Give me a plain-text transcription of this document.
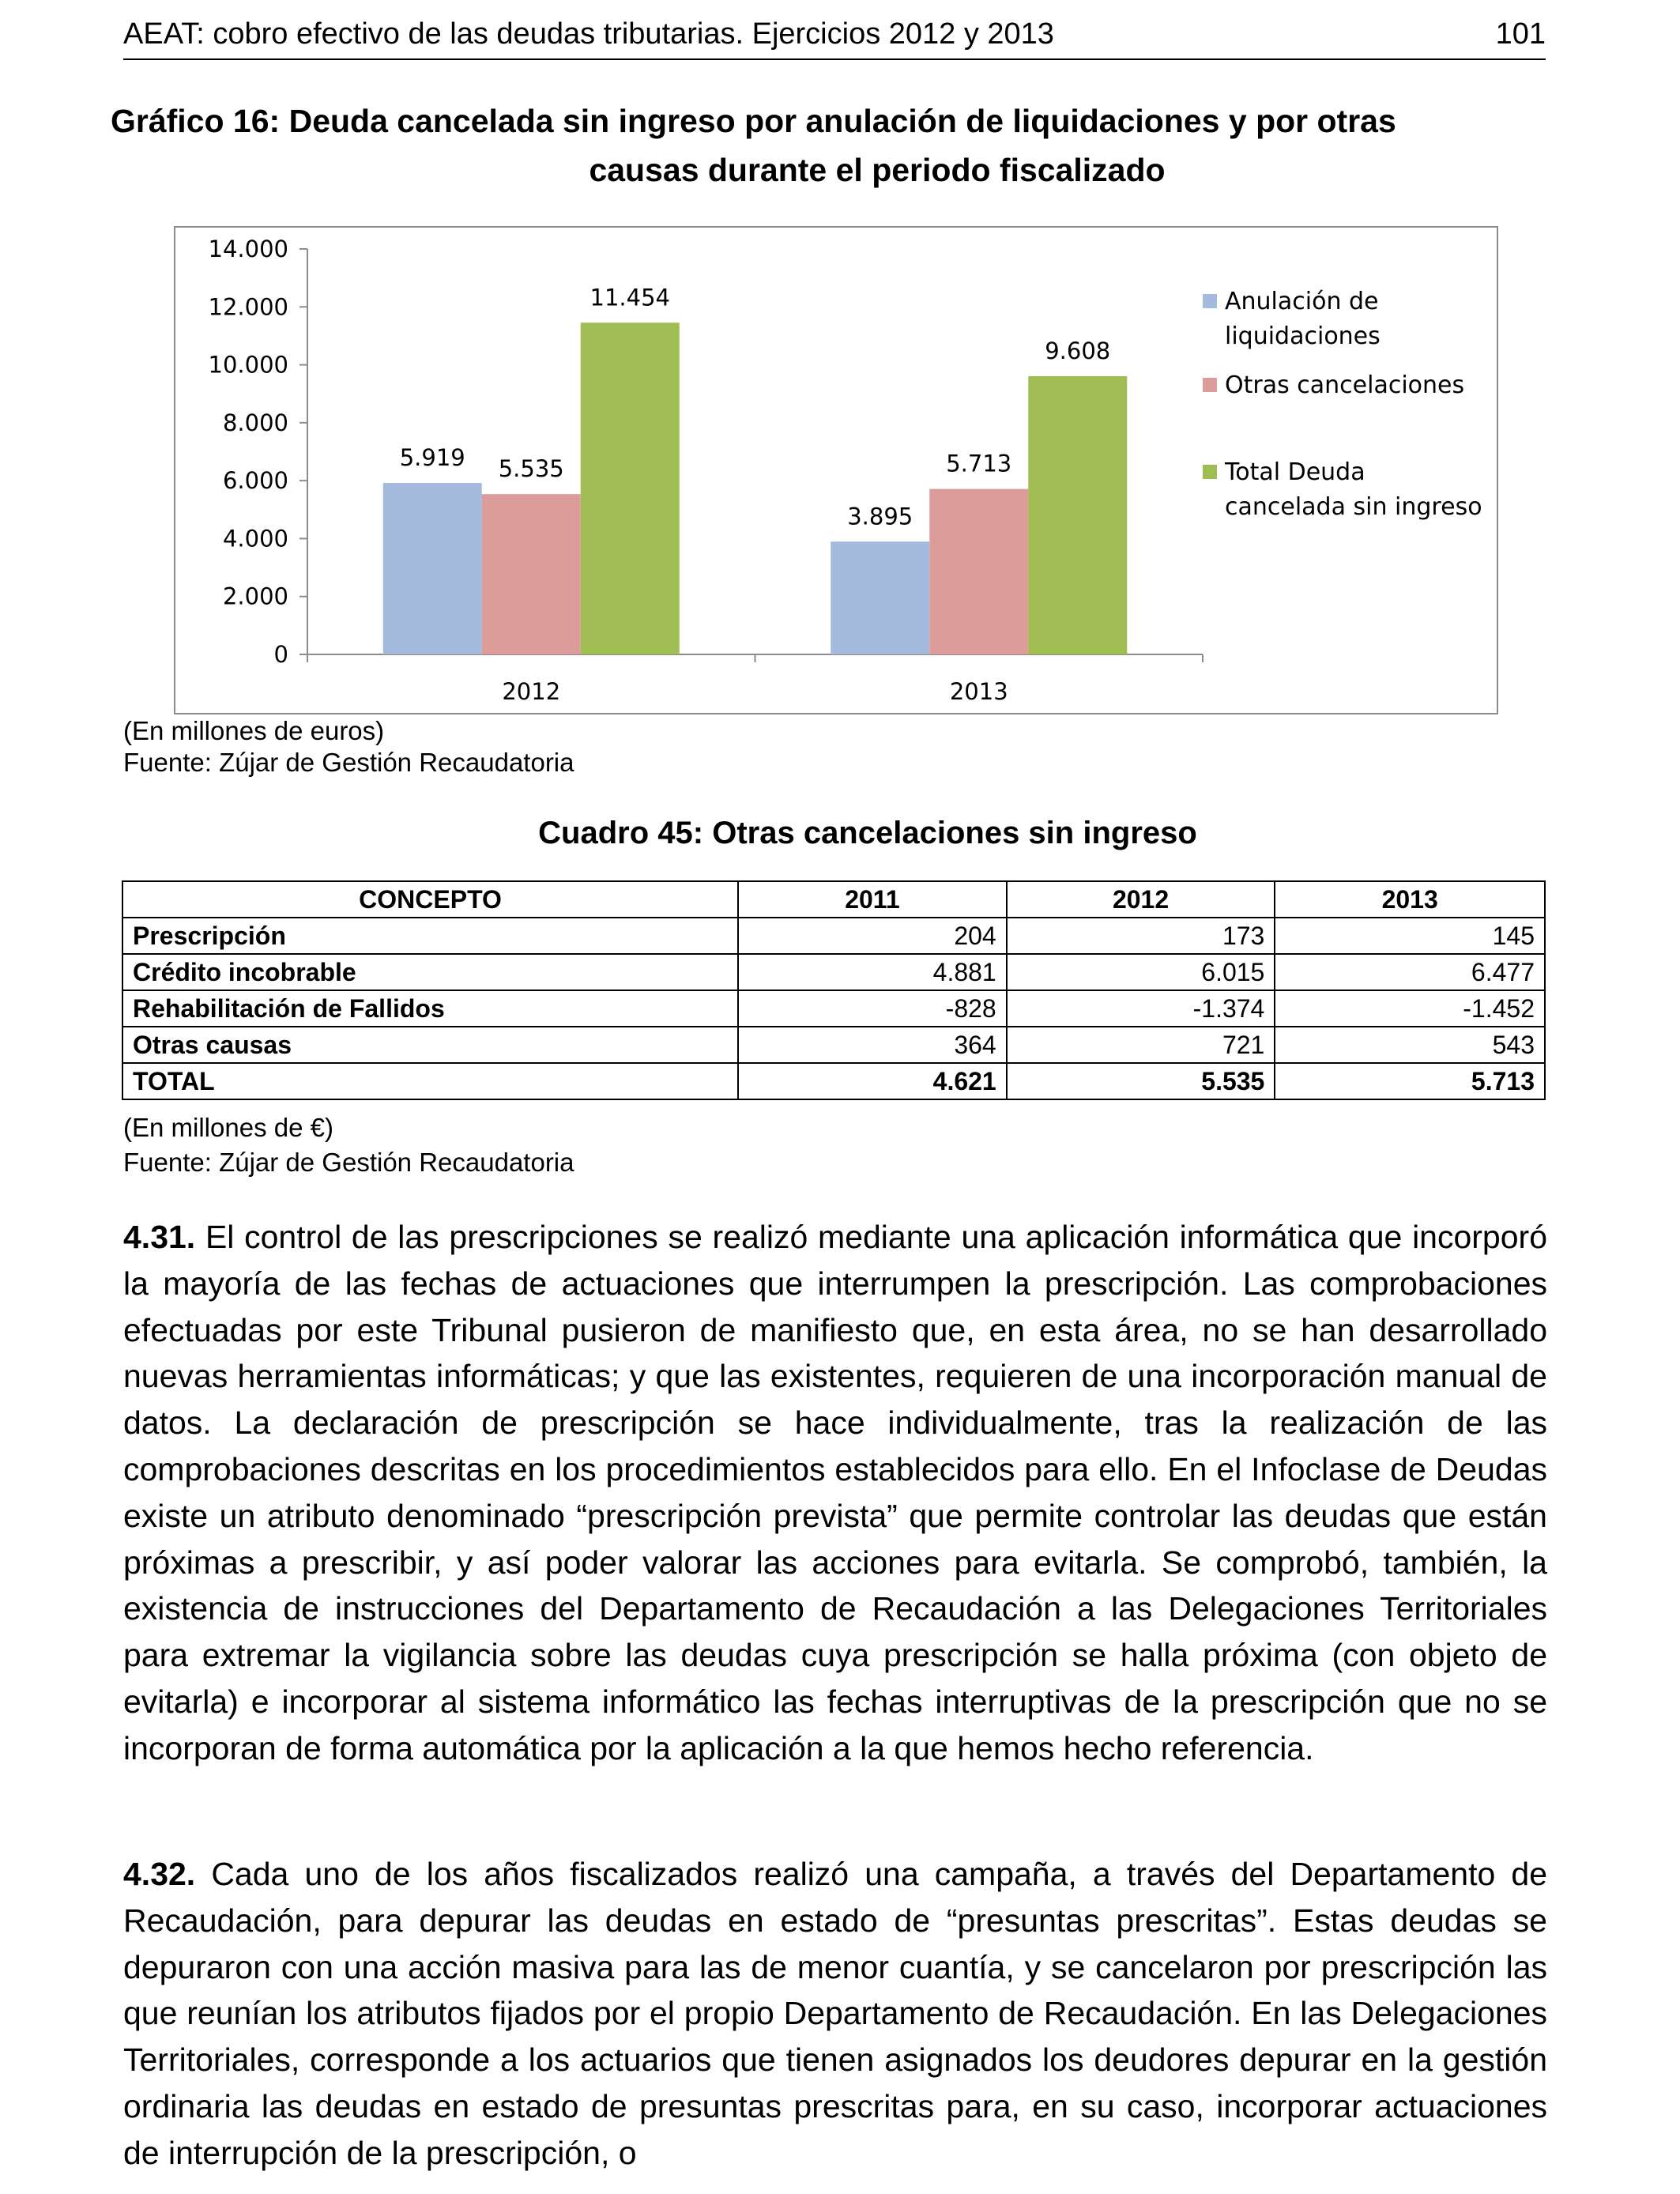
AEAT: cobro efectivo de las deudas tributarias. Ejercicios 2012 y 2013	101
Gráfico 16: Deuda cancelada sin ingreso por anulación de liquidaciones y por otras
causas durante el periodo fiscalizado
0
2.000
4.000
6.000
8.000
10.000
12.000
14.000
2012	2013
5.919 5.535
11.454
3.895
5.713
9.608
Anulación de
liquidaciones
Otras cancelaciones
Total Deuda
cancelada sin ingreso
(En millones de euros)
Fuente: Zújar de Gestión Recaudatoria
Cuadro 45: Otras cancelaciones sin ingreso
CONCEPTO	2011	2012	2013
Prescripción	204	173	145
Crédito incobrable	4.881	6.015	6.477
Rehabilitación de Fallidos	-828	-1.374	-1.452
Otras causas	364	721	543
TOTAL	4.621	5.535	5.713
(En millones de €)
Fuente: Zújar de Gestión Recaudatoria
4.31. El control de las prescripciones se realizó mediante una aplicación informática que incorporó la mayoría de las fechas de actuaciones que interrumpen la prescripción. Las comprobaciones efectuadas por este Tribunal pusieron de manifiesto que, en esta área, no se han desarrollado nuevas herramientas informáticas; y que las existentes, requieren de una incorporación manual de datos. La declaración de prescripción se hace individualmente, tras la realización de las comprobaciones descritas en los procedimientos establecidos para ello. En el Infoclase de Deudas existe un atributo denominado “prescripción prevista” que permite controlar las deudas que están próximas a prescribir, y así poder valorar las acciones para evitarla. Se comprobó, también, la existencia de instrucciones del Departamento de Recaudación a las Delegaciones Territoriales para extremar la vigilancia sobre las deudas cuya prescripción se halla próxima (con objeto de evitarla) e incorporar al sistema informático las fechas interruptivas de la prescripción que no se incorporan de forma automática por la aplicación a la que hemos hecho referencia.
4.32. Cada uno de los años fiscalizados realizó una campaña, a través del Departamento de Recaudación, para depurar las deudas en estado de “presuntas prescritas”. Estas deudas se depuraron con una acción masiva para las de menor cuantía, y se cancelaron por prescripción las que reunían los atributos fijados por el propio Departamento de Recaudación. En las Delegaciones Territoriales, corresponde a los actuarios que tienen asignados los deudores depurar en la gestión ordinaria las deudas en estado de presuntas prescritas para, en su caso, incorporar actuaciones de interrupción de la prescripción, o
